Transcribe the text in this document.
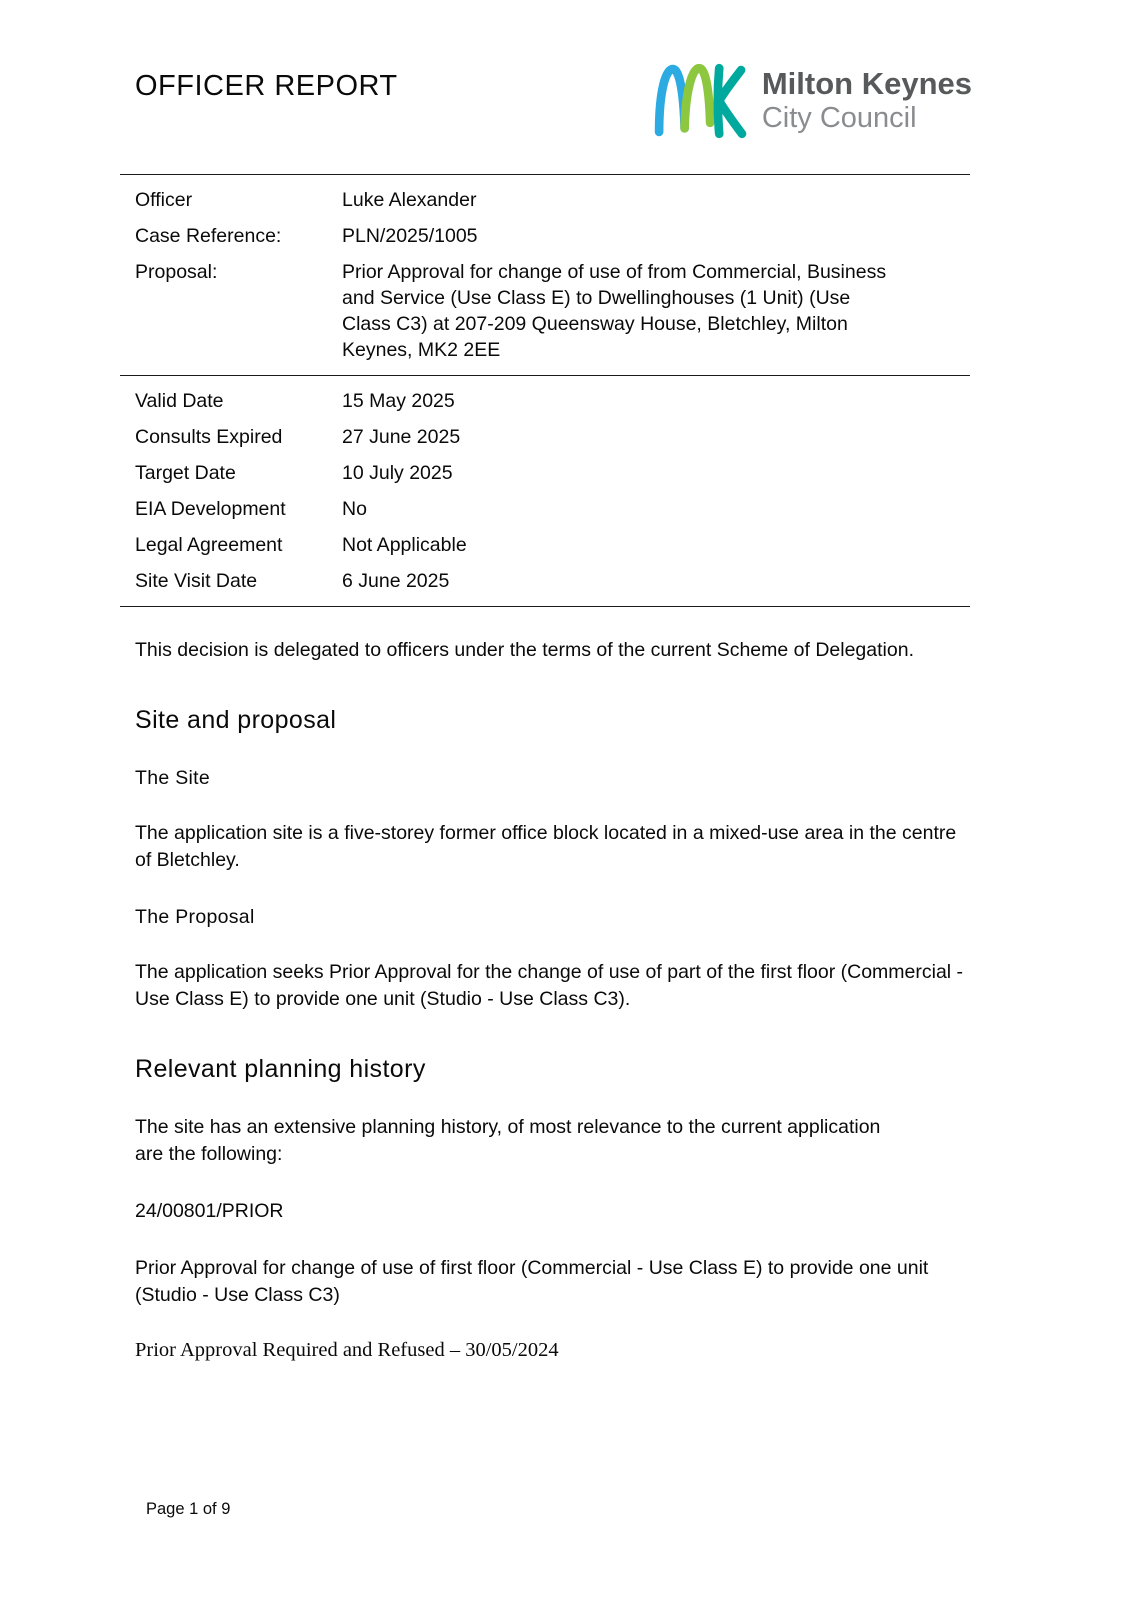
OFFICER REPORT	Milton Keynes
City Council
Officer	Luke Alexander
Case Reference:	PLN/2025/1005
Proposal:	Prior Approval for change of use of from Commercial, Business and Service (Use Class E) to Dwellinghouses (1 Unit) (Use Class C3) at 207-209 Queensway House, Bletchley, Milton Keynes, MK2 2EE
Valid Date	15 May 2025
Consults Expired	27 June 2025
Target Date	10 July 2025
EIA Development	No
Legal Agreement	Not Applicable
Site Visit Date	6 June 2025

This decision is delegated to officers under the terms of the current Scheme of Delegation.

Site and proposal
The Site

The application site is a five-storey former office block located in a mixed-use area in the centre of Bletchley.

The Proposal

The application seeks Prior Approval for the change of use of part of the first floor (Commercial - Use Class E) to provide one unit (Studio - Use Class C3).

Relevant planning history

The site has an extensive planning history, of most relevance to the current application are the following:

24/00801/PRIOR

Prior Approval for change of use of first floor (Commercial - Use Class E) to provide one unit (Studio - Use Class C3)

Prior Approval Required and Refused – 30/05/2024

Page 1 of 9
